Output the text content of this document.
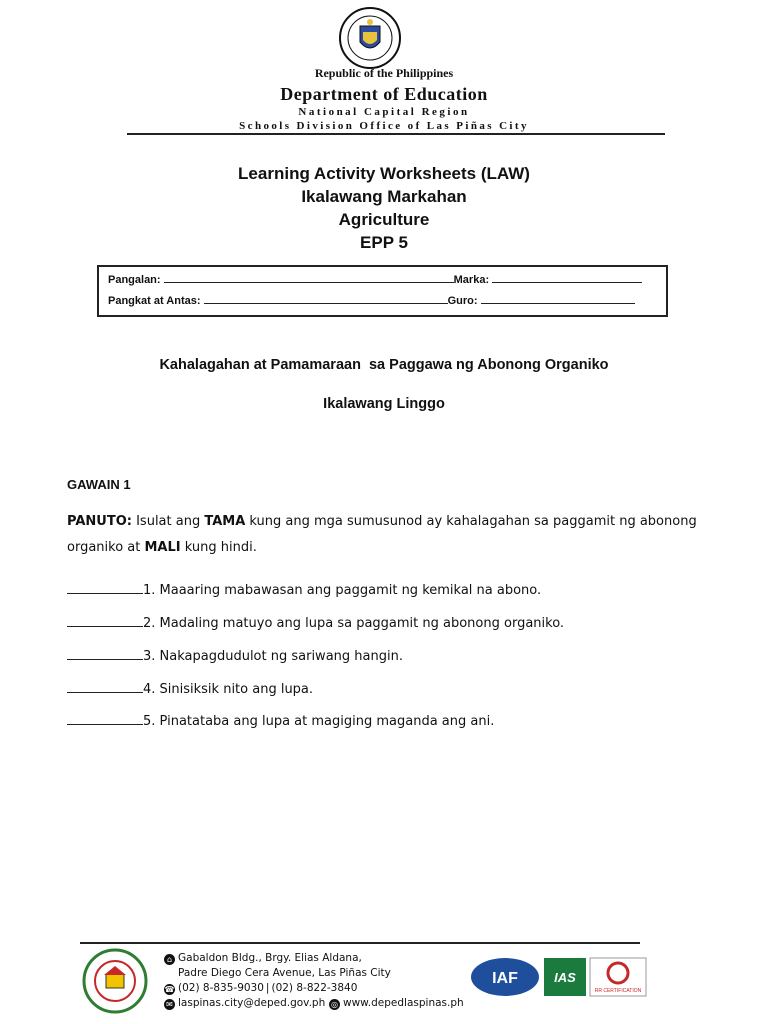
Republic of the Philippines
Department of Education
National Capital Region
Schools Division Office of Las Piñas City
Learning Activity Worksheets (LAW)
Ikalawang Markahan
Agriculture
EPP 5
Pangalan:	Marka:
Pangkat at Antas:	Guro:
Kahalagahan at Pamamaraan  sa Paggawa ng Abonong Organiko
Ikalawang Linggo
GAWAIN 1
PANUTO: Isulat ang TAMA kung ang mga sumusunod ay kahalagahan sa paggamit ng abonong organiko at MALI kung hindi.
1. Maaaring mabawasan ang paggamit ng kemikal na abono.
2. Madaling matuyo ang lupa sa paggamit ng abonong organiko.
3. Nakapagdudulot ng sariwang hangin.
4. Sinisiksik nito ang lupa.
5. Pinatataba ang lupa at magiging maganda ang ani.
⌂ Gabaldon Bldg., Brgy. Elias Aldana,
Padre Diego Cera Avenue, Las Piñas City
☎ (02) 8-835-9030 | (02) 8-822-3840
✉ laspinas.city@deped.gov.ph ◎ www.depedlaspinas.ph
IAF	IAS
RR CERTIFICATION
